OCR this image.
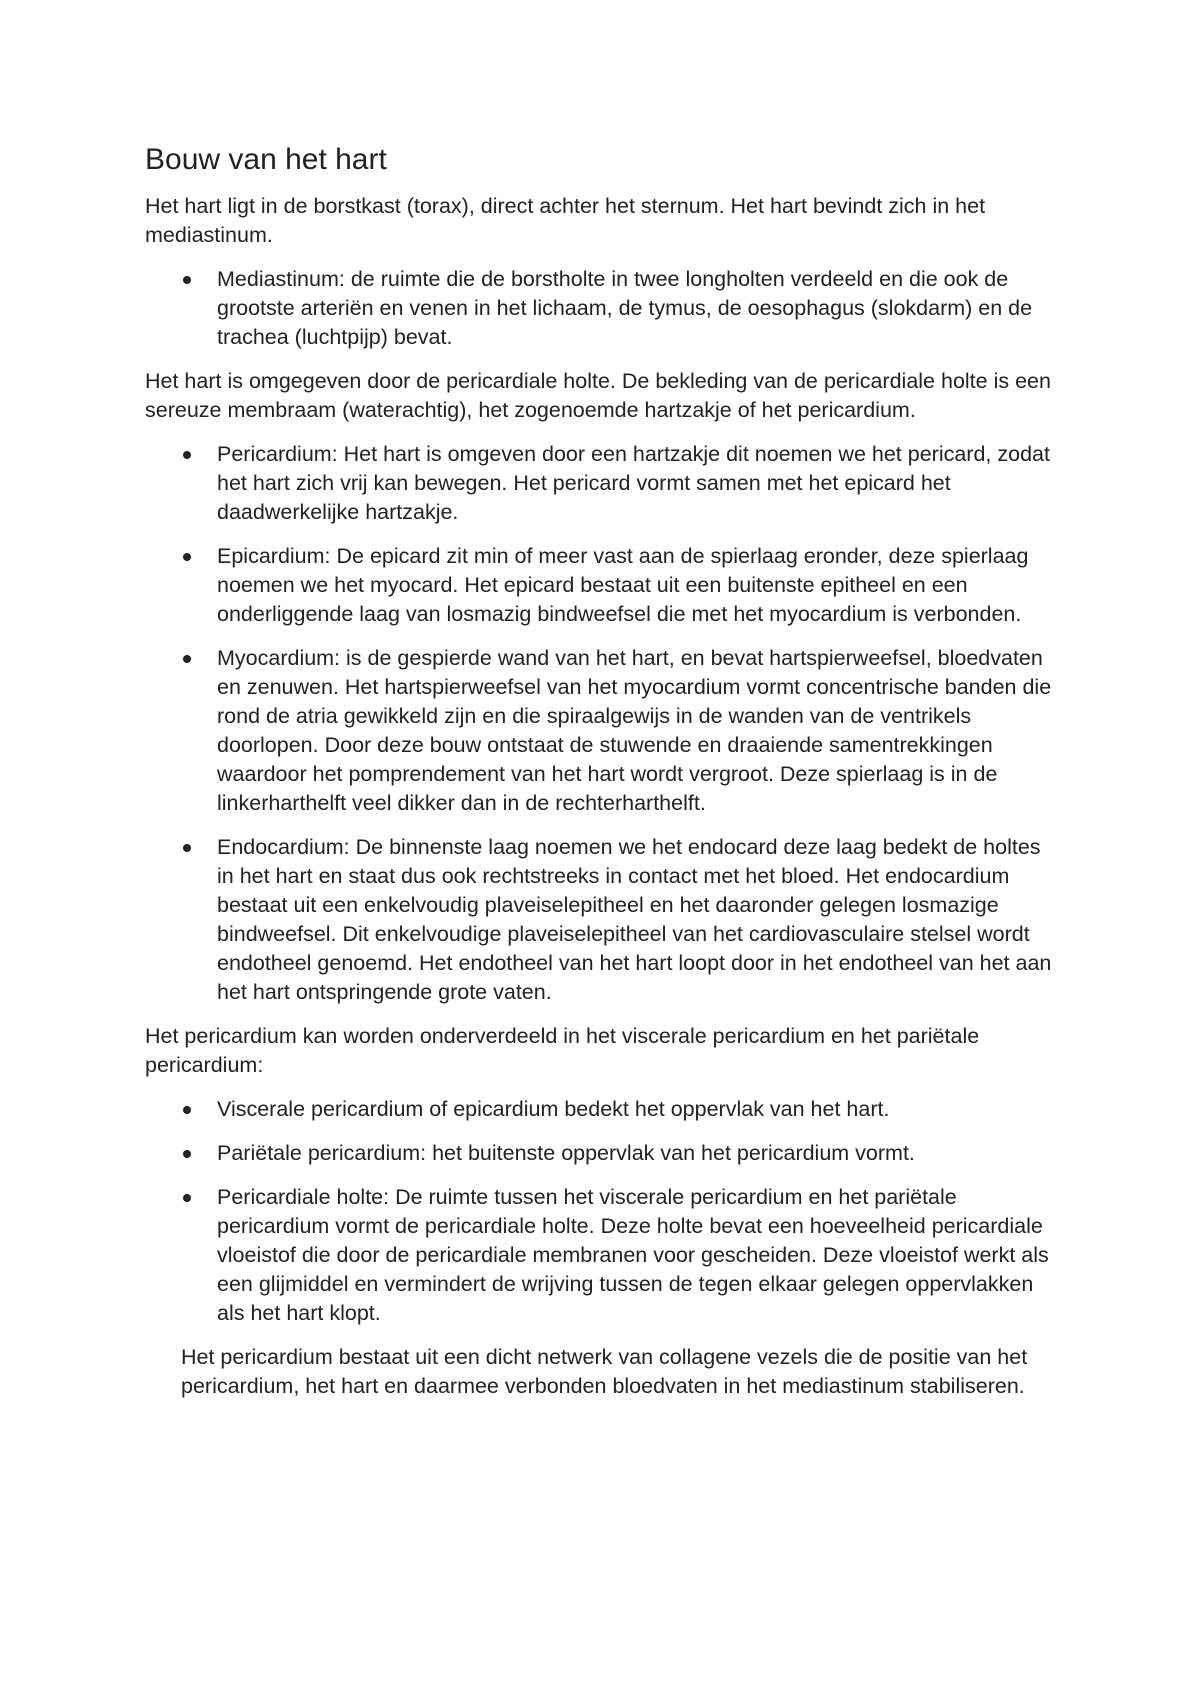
Bouw van het hart

Het hart ligt in de borstkast (torax), direct achter het sternum. Het hart bevindt zich in het mediastinum.

Mediastinum: de ruimte die de borstholte in twee longholten verdeeld en die ook de grootste arteriën en venen in het lichaam, de tymus, de oesophagus (slokdarm) en de trachea (luchtpijp) bevat.

Het hart is omgegeven door de pericardiale holte. De bekleding van de pericardiale holte is een sereuze membraam (waterachtig), het zogenoemde hartzakje of het pericardium.

Pericardium: Het hart is omgeven door een hartzakje dit noemen we het pericard, zodat het hart zich vrij kan bewegen. Het pericard vormt samen met het epicard het daadwerkelijke hartzakje.
Epicardium: De epicard zit min of meer vast aan de spierlaag eronder, deze spierlaag noemen we het myocard. Het epicard bestaat uit een buitenste epitheel en een onderliggende laag van losmazig bindweefsel die met het myocardium is verbonden.
Myocardium: is de gespierde wand van het hart, en bevat hartspierweefsel, bloedvaten en zenuwen. Het hartspierweefsel van het myocardium vormt concentrische banden die rond de atria gewikkeld zijn en die spiraalgewijs in de wanden van de ventrikels doorlopen. Door deze bouw ontstaat de stuwende en draaiende samentrekkingen waardoor het pomprendement van het hart wordt vergroot. Deze spierlaag is in de linkerharthelft veel dikker dan in de rechterharthelft.
Endocardium: De binnenste laag noemen we het endocard deze laag bedekt de holtes in het hart en staat dus ook rechtstreeks in contact met het bloed. Het endocardium bestaat uit een enkelvoudig plaveiselepitheel en het daaronder gelegen losmazige bindweefsel. Dit enkelvoudige plaveiselepitheel van het cardiovasculaire stelsel wordt endotheel genoemd. Het endotheel van het hart loopt door in het endotheel van het aan het hart ontspringende grote vaten.

Het pericardium kan worden onderverdeeld in het viscerale pericardium en het pariëtale pericardium:

Viscerale pericardium of epicardium bedekt het oppervlak van het hart.
Pariëtale pericardium: het buitenste oppervlak van het pericardium vormt.
Pericardiale holte: De ruimte tussen het viscerale pericardium en het pariëtale pericardium vormt de pericardiale holte. Deze holte bevat een hoeveelheid pericardiale vloeistof die door de pericardiale membranen voor gescheiden. Deze vloeistof werkt als een glijmiddel en vermindert de wrijving tussen de tegen elkaar gelegen oppervlakken als het hart klopt.

Het pericardium bestaat uit een dicht netwerk van collagene vezels die de positie van het pericardium, het hart en daarmee verbonden bloedvaten in het mediastinum stabiliseren.
